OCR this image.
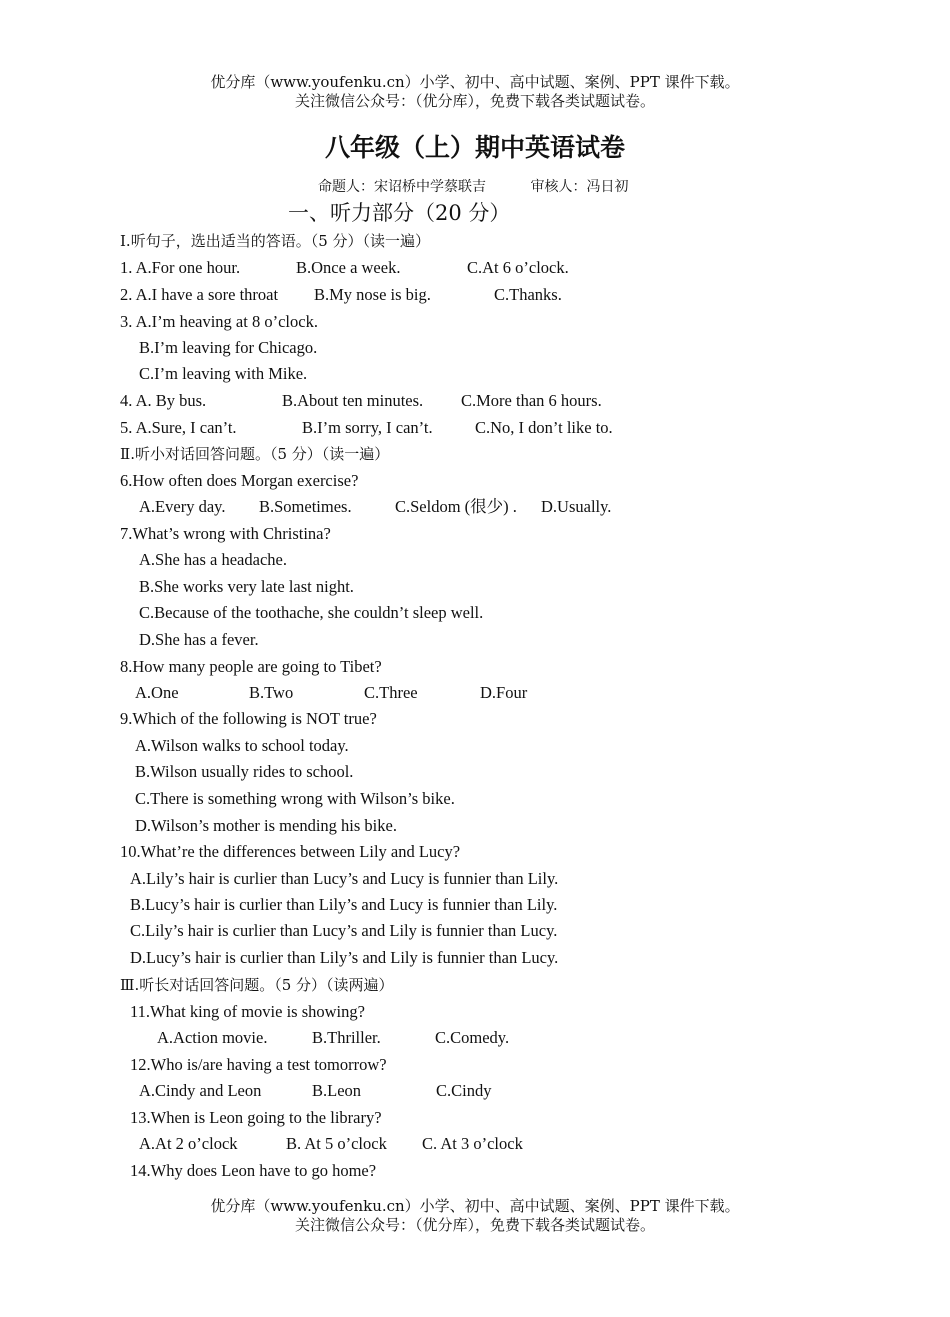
优分库（www.youfenku.cn）小学、初中、高中试题、案例、PPT 课件下载。
关注微信公众号：（优分库），免费下载各类试题试卷。
八年级（上）期中英语试卷
命题人：宋诏桥中学蔡联吉          审核人：冯日初
一、听力部分（20 分）
Ⅰ.听句子，选出适当的答语。（5 分）（读一遍）
1. A.For one hour.	B.Once a week.	C.At 6 o’clock.
2. A.I have a sore throat B.My nose is big.	C.Thanks.
3. A.I’m heaving at 8 o’clock.
B.I’m leaving for Chicago.
C.I’m leaving with Mike.
4. A. By bus.	B.About ten minutes. C.More than 6 hours.
5. A.Sure, I can’t.	B.I’m sorry, I can’t.	C.No, I don’t like to.
Ⅱ.听小对话回答问题。（5 分）（读一遍）
6.How often does Morgan exercise?
A.Every day. B.Sometimes.	C.Seldom (很少) . D.Usually.
7.What’s wrong with Christina?
A.She has a headache.
B.She works very late last night.
C.Because of the toothache, she couldn’t sleep well.
D.She has a fever.
8.How many people are going to Tibet?
A.One	B.Two	C.Three	D.Four
9.Which of the following is NOT true?
A.Wilson walks to school today.
B.Wilson usually rides to school.
C.There is something wrong with Wilson’s bike.
D.Wilson’s mother is mending his bike.
10.What’re the differences between Lily and Lucy?
A.Lily’s hair is curlier than Lucy’s and Lucy is funnier than Lily.
B.Lucy’s hair is curlier than Lily’s and Lucy is funnier than Lily.
C.Lily’s hair is curlier than Lucy’s and Lily is funnier than Lucy.
D.Lucy’s hair is curlier than Lily’s and Lily is funnier than Lucy.
Ⅲ.听长对话回答问题。（5 分）（读两遍）
11.What king of movie is showing?
A.Action movie.	B.Thriller.	C.Comedy.
12.Who is/are having a test tomorrow?
A.Cindy and Leon	B.Leon	C.Cindy
13.When is Leon going to the library?
A.At 2 o’clock	B. At 5 o’clock C. At 3 o’clock
14.Why does Leon have to go home?
优分库（www.youfenku.cn）小学、初中、高中试题、案例、PPT 课件下载。
关注微信公众号：（优分库），免费下载各类试题试卷。
